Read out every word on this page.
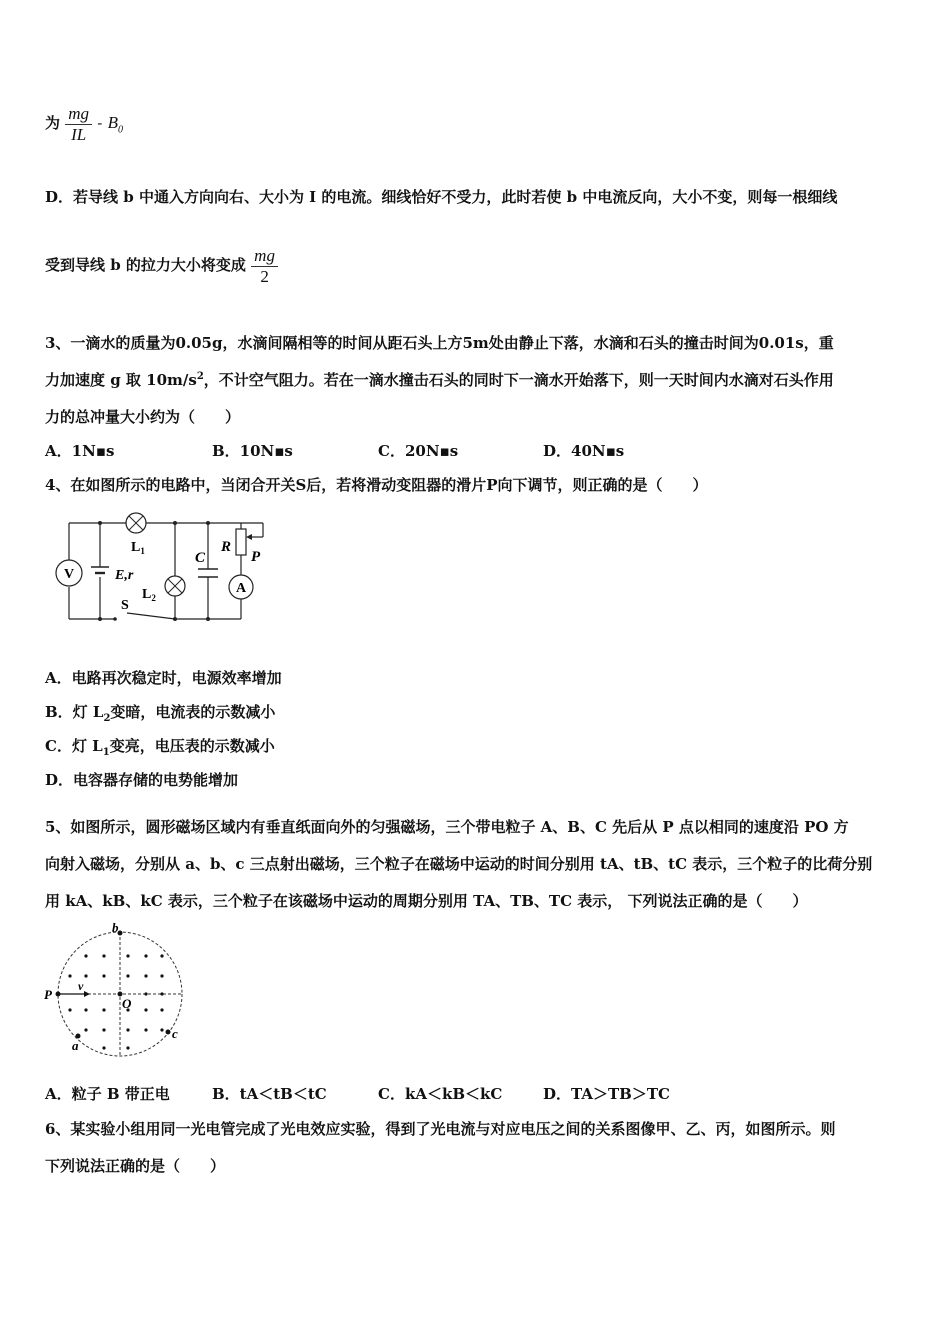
为 $\frac{mg}{IL} - B_0$
D．若导线 b 中通入方向向右、大小为 I 的电流。细线恰好不受力，此时若使 b 中电流反向，大小不变，则每一根细线
受到导线 b 的拉力大小将变成 $\frac{mg}{2}$
3、一滴水的质量为0.05g，水滴间隔相等的时间从距石头上方5m处由静止下落，水滴和石头的撞击时间为0.01s，重
力加速度 g 取 $10m/s^2$，不计空气阻力。若在一滴水撞击石头的同时下一滴水开始落下，则一天时间内水滴对石头作用
力的总冲量大小约为（　　）
A．1N▪s	B．10N▪s	C．20N▪s	D．40N▪s
4、在如图所示的电路中，当闭合开关S后，若将滑动变阻器的滑片P向下调节，则正确的是（　　）
V	E,r
$L_1$
$L_2$
S
C
R
P
A
A．电路再次稳定时，电源效率增加
B．灯 $L_2$变暗，电流表的示数减小
C．灯 $L_1$变亮，电压表的示数减小
D．电容器存储的电势能增加
5、如图所示，圆形磁场区域内有垂直纸面向外的匀强磁场，三个带电粒子 A、B、C 先后从 P 点以相同的速度沿 PO 方
向射入磁场，分别从 a、b、c 三点射出磁场，三个粒子在磁场中运动的时间分别用 tA、tB、tC 表示，三个粒子的比荷分别
用 kA、kB、kC 表示，三个粒子在该磁场中运动的周期分别用 TA、TB、TC 表示， 下列说法正确的是（　　）
b
P
v
O
a
c
A．粒子 B 带正电	B．tA＜tB＜tC	C．kA＜kB＜kC	D．TA＞TB＞TC
6、某实验小组用同一光电管完成了光电效应实验，得到了光电流与对应电压之间的关系图像甲、乙、丙，如图所示。则
下列说法正确的是（　　）
